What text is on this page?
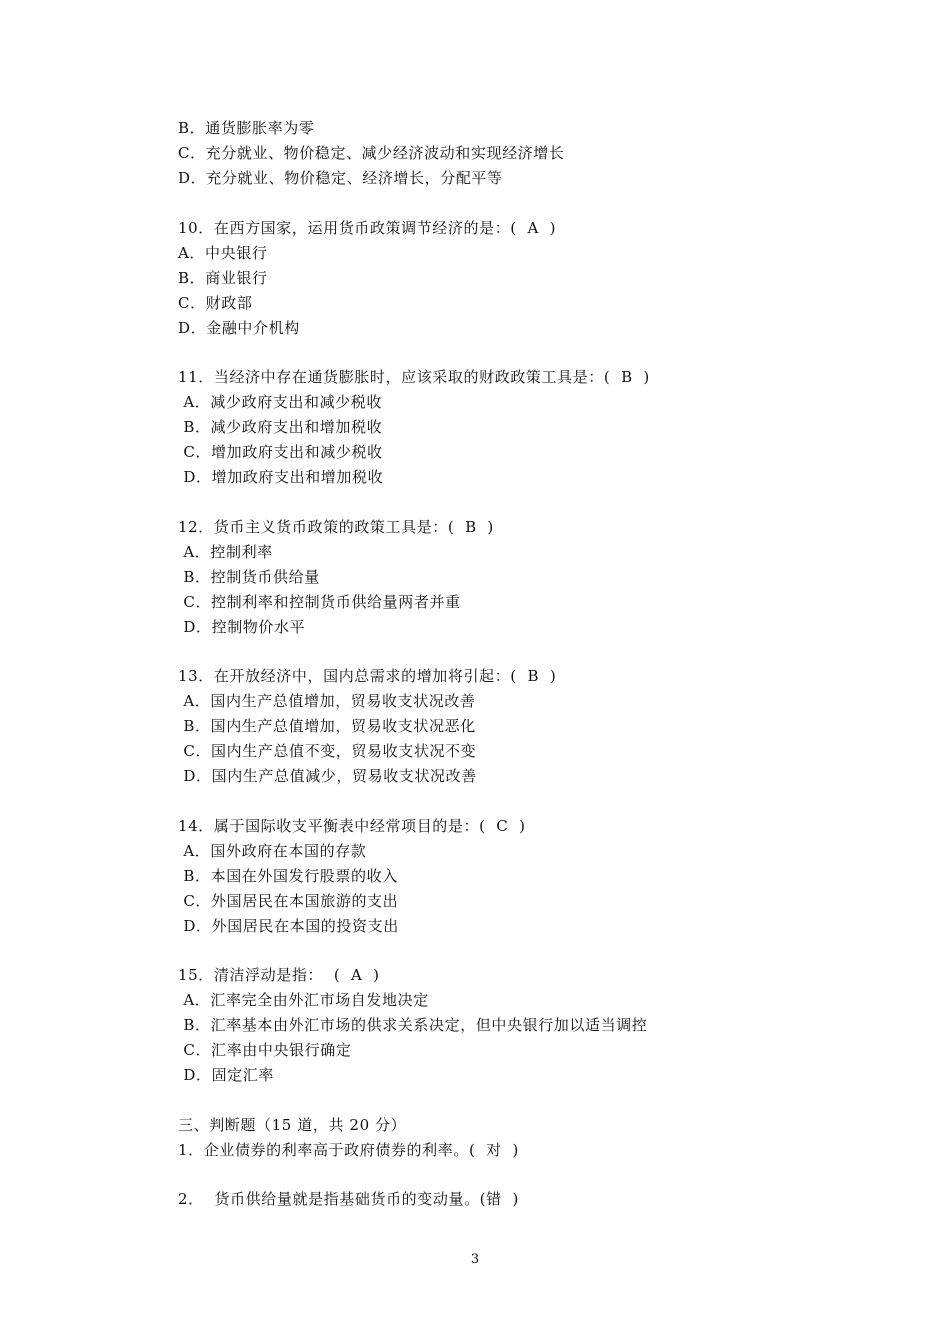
B．通货膨胀率为零
C．充分就业、物价稳定、减少经济波动和实现经济增长
D．充分就业、物价稳定、经济增长，分配平等
10．在西方国家，运用货币政策调节经济的是：(  A  )
A．中央银行
B．商业银行
C．财政部
D．金融中介机构
11．当经济中存在通货膨胀时，应该采取的财政政策工具是：(  B  )
A．减少政府支出和减少税收
B．减少政府支出和增加税收
C．增加政府支出和减少税收
D．增加政府支出和增加税收
12．货币主义货币政策的政策工具是：(  B  )
A．控制利率
B．控制货币供给量
C．控制利率和控制货币供给量两者并重
D．控制物价水平
13．在开放经济中，国内总需求的增加将引起：(  B  )
A．国内生产总值增加，贸易收支状况改善
B．国内生产总值增加，贸易收支状况恶化
C．国内生产总值不变，贸易收支状况不变
D．国内生产总值减少，贸易收支状况改善
14．属于国际收支平衡表中经常项目的是：(  C  )
A．国外政府在本国的存款
B．本国在外国发行股票的收入
C．外国居民在本国旅游的支出
D．外国居民在本国的投资支出
15．清洁浮动是指：  (  A  )
A．汇率完全由外汇市场自发地决定
B．汇率基本由外汇市场的供求关系决定，但中央银行加以适当调控
C．汇率由中央银行确定
D．固定汇率
三、判断题（15 道，共 20 分）
1．企业债券的利率高于政府债券的利率。(  对  )
2．  货币供给量就是指基础货币的变动量。(错  )
3
